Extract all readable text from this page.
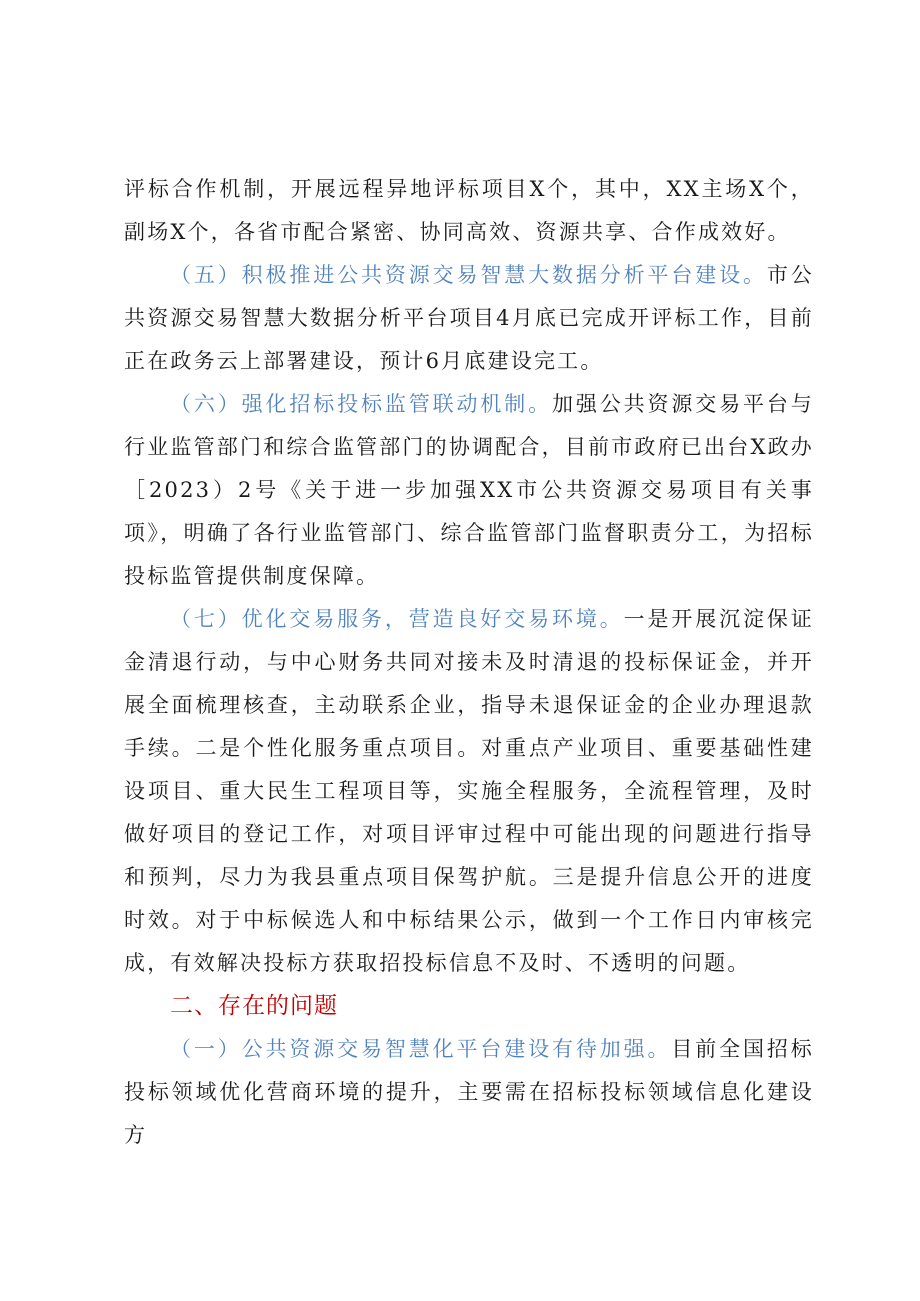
评标合作机制，开展远程异地评标项目X个，其中，XX主场X个，副场X个，各省市配合紧密、协同高效、资源共享、合作成效好。

（五）积极推进公共资源交易智慧大数据分析平台建设。市公共资源交易智慧大数据分析平台项目4月底已完成开评标工作，目前正在政务云上部署建设，预计6月底建设完工。

（六）强化招标投标监管联动机制。加强公共资源交易平台与行业监管部门和综合监管部门的协调配合，目前市政府已出台X政办［2023）2号《关于进一步加强XX市公共资源交易项目有关事项》，明确了各行业监管部门、综合监管部门监督职责分工，为招标投标监管提供制度保障。

（七）优化交易服务，营造良好交易环境。一是开展沉淀保证金清退行动，与中心财务共同对接未及时清退的投标保证金，并开展全面梳理核查，主动联系企业，指导未退保证金的企业办理退款手续。二是个性化服务重点项目。对重点产业项目、重要基础性建设项目、重大民生工程项目等，实施全程服务，全流程管理，及时做好项目的登记工作，对项目评审过程中可能出现的问题进行指导和预判，尽力为我县重点项目保驾护航。三是提升信息公开的进度时效。对于中标候选人和中标结果公示，做到一个工作日内审核完成，有效解决投标方获取招投标信息不及时、不透明的问题。

二、存在的问题

（一）公共资源交易智慧化平台建设有待加强。目前全国招标投标领域优化营商环境的提升，主要需在招标投标领域信息化建设方
